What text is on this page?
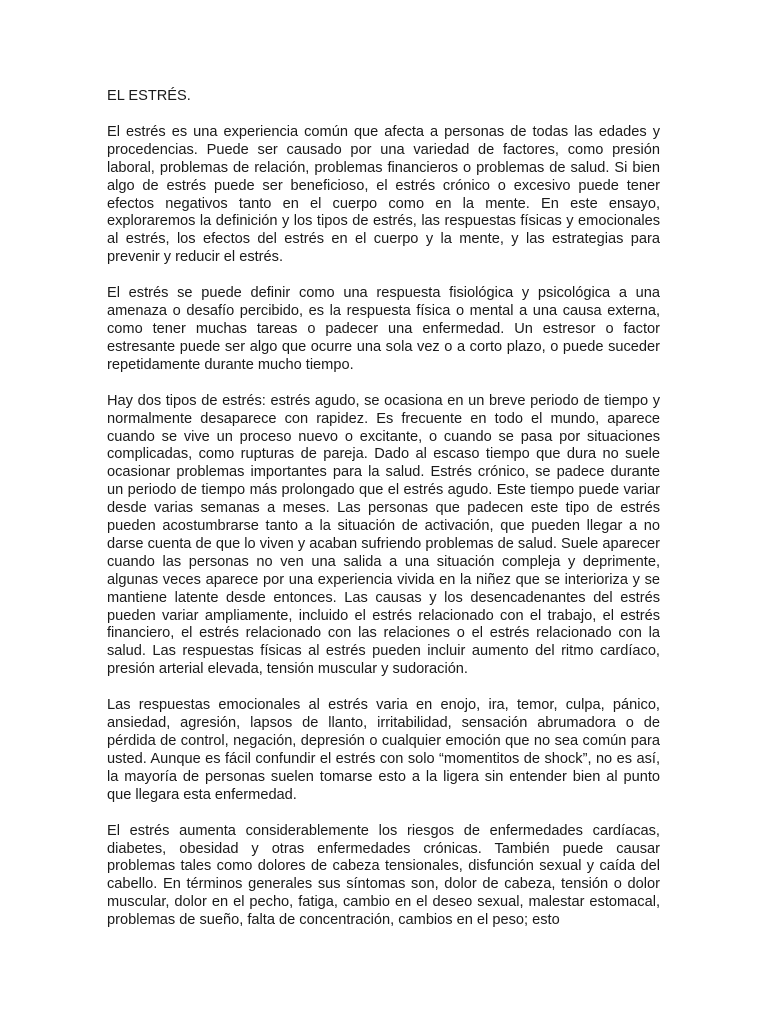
EL ESTRÉS.

El estrés es una experiencia común que afecta a personas de todas las edades y procedencias. Puede ser causado por una variedad de factores, como presión laboral, problemas de relación, problemas financieros o problemas de salud. Si bien algo de estrés puede ser beneficioso, el estrés crónico o excesivo puede tener efectos negativos tanto en el cuerpo como en la mente. En este ensayo, exploraremos la definición y los tipos de estrés, las respuestas físicas y emocionales al estrés, los efectos del estrés en el cuerpo y la mente, y las estrategias para prevenir y reducir el estrés.

El estrés se puede definir como una respuesta fisiológica y psicológica a una amenaza o desafío percibido, es la respuesta física o mental a una causa externa, como tener muchas tareas o padecer una enfermedad. Un estresor o factor estresante puede ser algo que ocurre una sola vez o a corto plazo, o puede suceder repetidamente durante mucho tiempo.

Hay dos tipos de estrés: estrés agudo, se ocasiona en un breve periodo de tiempo y normalmente desaparece con rapidez. Es frecuente en todo el mundo, aparece cuando se vive un proceso nuevo o excitante, o cuando se pasa por situaciones complicadas, como rupturas de pareja. Dado al escaso tiempo que dura no suele ocasionar problemas importantes para la salud. Estrés crónico, se padece durante un periodo de tiempo más prolongado que el estrés agudo. Este tiempo puede variar desde varias semanas a meses. Las personas que padecen este tipo de estrés pueden acostumbrarse tanto a la situación de activación, que pueden llegar a no darse cuenta de que lo viven y acaban sufriendo problemas de salud. Suele aparecer cuando las personas no ven una salida a una situación compleja y deprimente, algunas veces aparece por una experiencia vivida en la niñez que se interioriza y se mantiene latente desde entonces. Las causas y los desencadenantes del estrés pueden variar ampliamente, incluido el estrés relacionado con el trabajo, el estrés financiero, el estrés relacionado con las relaciones o el estrés relacionado con la salud. Las respuestas físicas al estrés pueden incluir aumento del ritmo cardíaco, presión arterial elevada, tensión muscular y sudoración.

Las respuestas emocionales al estrés varia en enojo, ira, temor, culpa, pánico, ansiedad, agresión, lapsos de llanto, irritabilidad, sensación abrumadora o de pérdida de control, negación, depresión o cualquier emoción que no sea común para usted. Aunque es fácil confundir el estrés con solo “momentitos de shock”, no es así, la mayoría de personas suelen tomarse esto a la ligera sin entender bien al punto que llegara esta enfermedad.

El estrés aumenta considerablemente los riesgos de enfermedades cardíacas, diabetes, obesidad y otras enfermedades crónicas. También puede causar problemas tales como dolores de cabeza tensionales, disfunción sexual y caída del cabello. En términos generales sus síntomas son, dolor de cabeza, tensión o dolor muscular, dolor en el pecho, fatiga, cambio en el deseo sexual, malestar estomacal, problemas de sueño, falta de concentración, cambios en el peso; esto
